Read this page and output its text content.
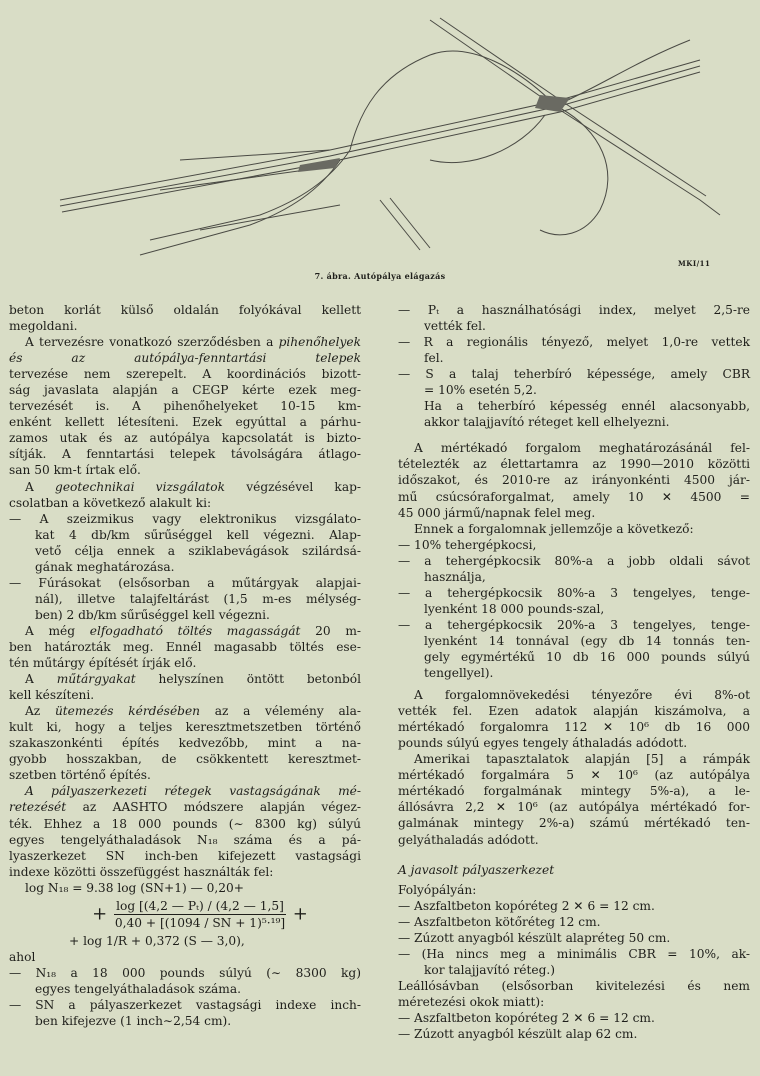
7. ábra. Autópálya elágazás
MKI/11
beton korlát külső oldalán folyókával kellett
megoldani.
A tervezésre vonatkozó szerződésben a pihenőhelyek és az autópálya-fenntartási telepek
tervezése nem szerepelt. A koordinációs bizott-
ság javaslata alapján a CEGP kérte ezek meg-
tervezését is. A pihenőhelyeket 10-15 km-
enként kellett létesíteni. Ezek egyúttal a párhu-
zamos utak és az autópálya kapcsolatát is bizto-
sítják. A fenntartási telepek távolságára átlago-
san 50 km-t írtak elő.
A geotechnikai vizsgálatok végzésével kap-
csolatban a következő alakult ki:
— A szeizmikus vagy elektronikus vizsgálato-
kat 4 db/km sűrűséggel kell végezni. Alap-
vető célja ennek a sziklabevágások szilárdsá-
gának meghatározása.
— Fúrásokat (elsősorban a műtárgyak alapjai-
nál), illetve talajfeltárást (1,5 m-es mélység-
ben) 2 db/km sűrűséggel kell végezni.
A még elfogadható töltés magasságát 20 m-
ben határozták meg. Ennél magasabb töltés ese-
tén műtárgy építését írják elő.
A műtárgyakat helyszínen öntött betonból
kell készíteni.
Az ütemezés kérdésében az a vélemény ala-
kult ki, hogy a teljes keresztmetszetben történő
szakaszonkénti építés kedvezőbb, mint a na-
gyobb hosszakban, de csökkentett keresztmet-
szetben történő építés.
A pályaszerkezeti rétegek vastagságának mé-
retezését az AASHTO módszere alapján végez-
ték. Ehhez a 18 000 pounds (∼ 8300 kg) súlyú
egyes tengelyáthaladások N₁₈ száma és a pá-
lyaszerkezet SN inch-ben kifejezett vastagsági
indexe közötti összefüggést használták fel:
log N₁₈ = 9.38 log (SN+1) — 0,20+
+ $\frac{\text{log [(4,2 — Pₜ) / (4,2 — 1,5]}}{\text{0,40 + [(1094 / SN + 1)⁵·¹⁹]}}$ +
+ log 1/R + 0,372 (S — 3,0),
ahol
— N₁₈ a 18 000 pounds súlyú (∼ 8300 kg)
egyes tengelyáthaladások száma.
— SN a pályaszerkezet vastagsági indexe inch-
ben kifejezve (1 inch∼2,54 cm).
— Pₜ a használhatósági index, melyet 2,5-re
vették fel.
— R a regionális tényező, melyet 1,0-re vettek
fel.
— S a talaj teherbíró képessége, amely CBR
= 10% esetén 5,2.
Ha a teherbíró képesség ennél alacsonyabb,
akkor talajjavító réteget kell elhelyezni.
A mértékadó forgalom meghatározásánál fel-
tételezték az élettartamra az 1990—2010 közötti
időszakot, és 2010-re az irányonkénti 4500 jár-
mű csúcsóraforgalmat, amely 10 ✕ 4500 =
45 000 jármű/napnak felel meg.
Ennek a forgalomnak jellemzője a következő:
— 10% tehergépkocsi,
— a tehergépkocsik 80%-a a jobb oldali sávot
használja,
— a tehergépkocsik 80%-a 3 tengelyes, tenge-
lyenként 18 000 pounds-szal,
— a tehergépkocsik 20%-a 3 tengelyes, tenge-
lyenként 14 tonnával (egy db 14 tonnás ten-
gely egymértékű 10 db 16 000 pounds súlyú
tengellyel).
A forgalomnövekedési tényezőre évi 8%-ot
vették fel. Ezen adatok alapján kiszámolva, a
mértékadó forgalomra 112 ✕ 10⁶ db 16 000
pounds súlyú egyes tengely áthaladás adódott.
Amerikai tapasztalatok alapján [5] a rámpák
mértékadó forgalmára 5 ✕ 10⁶ (az autópálya
mértékadó forgalmának mintegy 5%-a), a le-
állósávra 2,2 ✕ 10⁶ (az autópálya mértékadó for-
galmának mintegy 2%-a) számú mértékadó ten-
gelyáthaladás adódott.
A javasolt pályaszerkezet
Folyópályán:
— Aszfaltbeton kopóréteg 2 ✕ 6 = 12 cm.
— Aszfaltbeton kötőréteg 12 cm.
— Zúzott anyagból készült alapréteg 50 cm.
— (Ha nincs meg a minimális CBR = 10%, ak-
kor talajjavító réteg.)
Leállósávban (elsősorban kivitelezési és nem
méretezési okok miatt):
— Aszfaltbeton kopóréteg 2 ✕ 6 = 12 cm.
— Zúzott anyagból készült alap 62 cm.
